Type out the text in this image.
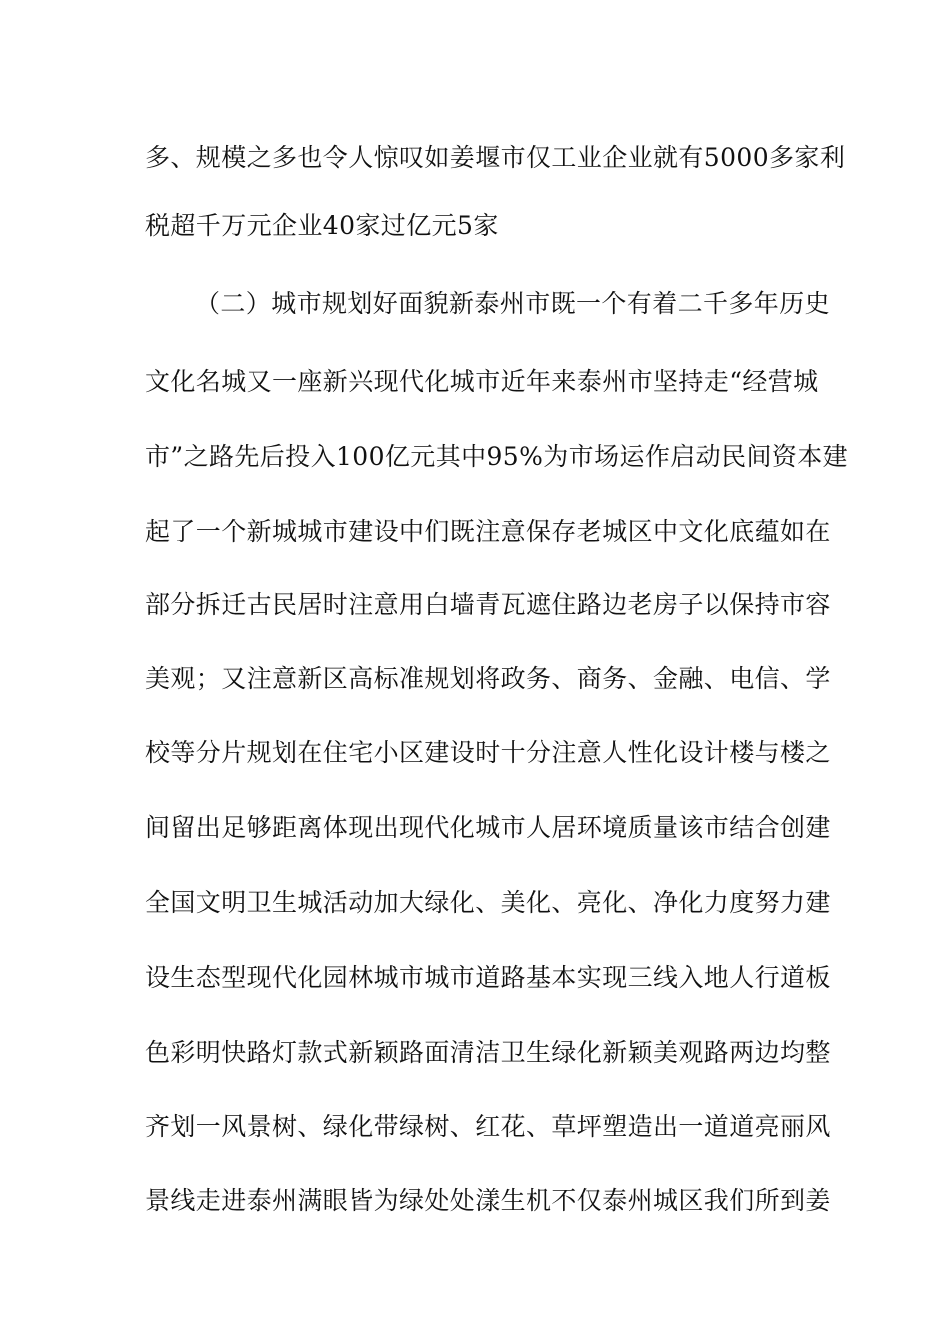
多、规模之多也令人惊叹如姜堰市仅工业企业就有5000多家利
税超千万元企业40家过亿元5家
（二）城市规划好面貌新泰州市既一个有着二千多年历史
文化名城又一座新兴现代化城市近年来泰州市坚持走“经营城
市”之路先后投入100亿元其中95%为市场运作启动民间资本建
起了一个新城城市建设中们既注意保存老城区中文化底蕴如在
部分拆迁古民居时注意用白墙青瓦遮住路边老房子以保持市容
美观；又注意新区高标准规划将政务、商务、金融、电信、学
校等分片规划在住宅小区建设时十分注意人性化设计楼与楼之
间留出足够距离体现出现代化城市人居环境质量该市结合创建
全国文明卫生城活动加大绿化、美化、亮化、净化力度努力建
设生态型现代化园林城市城市道路基本实现三线入地人行道板
色彩明快路灯款式新颖路面清洁卫生绿化新颖美观路两边均整
齐划一风景树、绿化带绿树、红花、草坪塑造出一道道亮丽风
景线走进泰州满眼皆为绿处处漾生机不仅泰州城区我们所到姜
